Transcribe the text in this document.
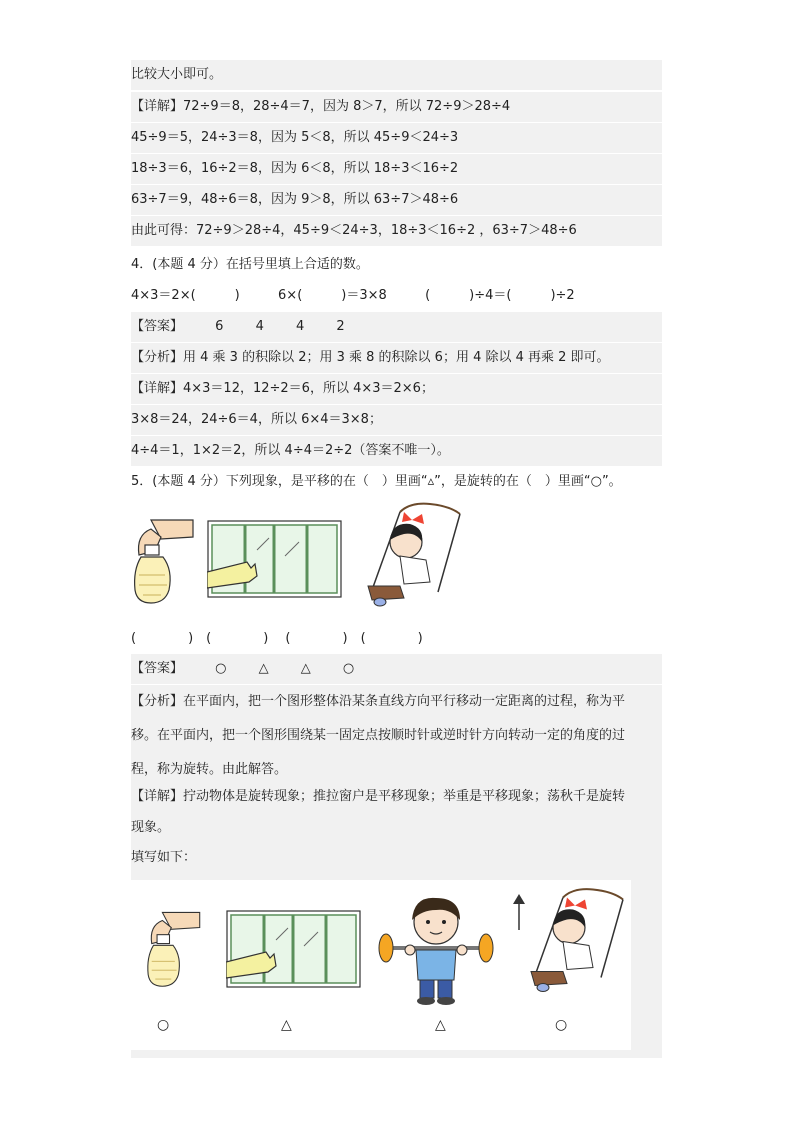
比较大小即可。
【详解】72÷9＝8，28÷4＝7，因为 8＞7，所以 72÷9＞28÷4
45÷9＝5，24÷3＝8，因为 5＜8，所以 45÷9＜24÷3
18÷3＝6，16÷2＝8，因为 6＜8，所以 18÷3＜16÷2
63÷7＝9，48÷6＝8，因为 9＞8，所以 63÷7＞48÷6
由此可得：72÷9＞28÷4，45÷9＜24÷3，18÷3＜16÷2 ，63÷7＞48÷6
4．(本题 4 分）在括号里填上合适的数。
4×3＝2×(　　　)	6×(　　　)＝3×8	(　　　)÷4＝(　　　)÷2
【答案】 6 4 4 2
【分析】用 4 乘 3 的积除以 2；用 3 乘 8 的积除以 6；用 4 除以 4 再乘 2 即可。
【详解】4×3＝12，12÷2＝6，所以 4×3＝2×6；
3×8＝24，24÷6＝4，所以 6×4＝3×8；
4÷4＝1，1×2＝2，所以 4÷4＝2÷2（答案不唯一）。
5．(本题 4 分）下列现象，是平移的在（　）里画“▵”，是旋转的在（　）里画“○”。
(　　　　)　(　　　　)　 (　　　　)　(　　　　)
【答案】 ○ △ △ ○
【分析】在平面内，把一个图形整体沿某条直线方向平行移动一定距离的过程，称为平
移。在平面内，把一个图形围绕某一固定点按顺时针或逆时针方向转动一定的角度的过
程，称为旋转。由此解答。
【详解】拧动物体是旋转现象；推拉窗户是平移现象；举重是平移现象；荡秋千是旋转
现象。
填写如下：
○	△	△	○
